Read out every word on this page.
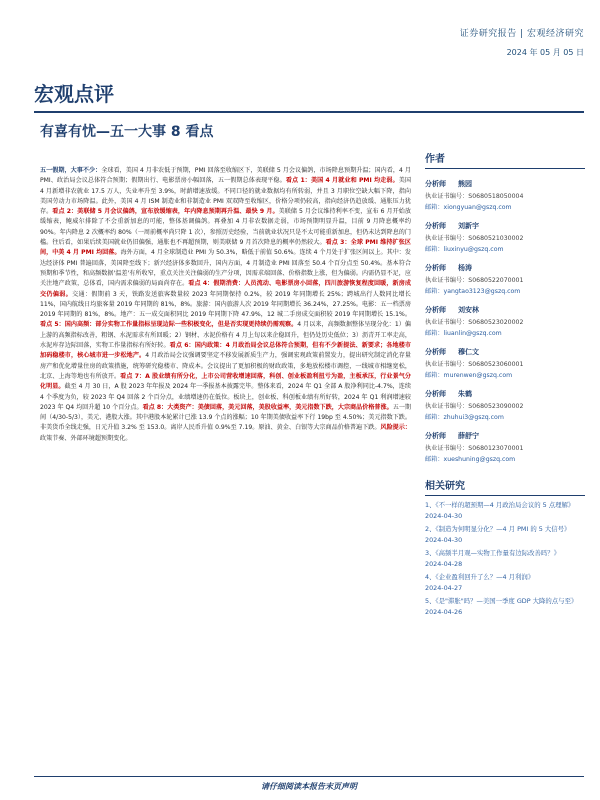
证券研究报告 | 宏观经济研究
2024 年 05 月 05 日
宏观点评
有喜有忧—五一大事 8 看点

五一假期，大事不少：全球看，美国 4 月非农低于预期，PMI 回落至收缩区下，美联储 5 月会议偏鸽，市场降息预期升温；国内看，4 月 PMI、政治局会议总体符合预期；假期出行、电影票房小幅回落，五一假期总体表现平稳。看点 1：美国 4 月就业和 PMI 均走弱。美国 4 月新增非农就业 17.5 万人，失业率升至 3.9%，时薪增速放缓。不同口径的就业数据均有所转弱，并且 3 月职位空缺大幅下降，指向美国劳动力市场降温。此外，美国 4 月 ISM 制造业和非制造业 PMI 双双降至收缩区，价格分项仍较高，指向经济仍趋放缓、通胀压力犹存。看点 2：美联储 5 月会议偏鸽，宣布放缓缩表，年内降息预期再升温、最快 9 月。美联储 5 月会议维持利率不变，宣布 6 月开始放缓缩表，鲍威尔排除了不会重新加息的可能，整体基调偏鸽。再叠加 4 月非农数据走弱，市场预期明显升温，目前 9 月降息概率约 90%。年内降息 2 次概率约 80%（一周前概率尚只降 1 次），参照历史经验，当前就业状况只是不太可能重新加息，但仍未达到降息的门槛。往后看，如果后续美国就业仍旧偏强，通胀也不再超预期，则美联储 9 月首次降息的概率仍然较大。看点 3：全球 PMI 维持扩张区间，中美 4 月 PMI 均回落。海外方面，4 月全球制造业 PMI 为 50.3%，略低于前值 50.6%。连续 4 个月处于扩张区间以上。其中：发达经济体 PMI 普遍回落，美国降至线下；新兴经济体多数回升，国内方面，4 月制造业 PMI 回落至 50.4 个百分点至 50.4%。基本符合预期和季节性，和高频数据'温差'有所收窄，重点关注关注偏弱的生产分项，因需求端回落、价格指数上涨，但为偏弱。内需仍显不足，应关注地产政策，总体看，国内需求偏弱的局面尚存在。看点 4：假期消费：人员流动、电影票房小回落，四川旅游恢复程度回暖，新房成交仍偏弱。交通：假期前 3 天，铁路发送旅客数量较 2023 年同期保持 0.2%，较 2019 年同期增长 25%；跨城出行人数同比增长 11%，国内航线日均旅客量 2019 年同期的 81%，8%。旅游：国内旅游人次 2019 年同期增长 36.24%，27.25%。电影：五一档票房 2019 年同期的 81%，8%。地产：五一成交面积同比 2019 年同期下降 47.9%，12 城二手房成交面积较 2019 年同期增长 15.1%。看点 5：国内高频：部分实物工作量指标呈现边际一些积极变化，但是否实现更持续仍需观察。4 月以来，高频数据整体呈现分化：1）偏上游的高频指标改善，粗钢、水泥需求有所回暖；2）钢材、水泥价格有 4 月上旬以来企稳回升，但仍处历史低位；3）沥青开工率走高，水泥库存边际回落，实物工作量指标有所好转。看点 6：国内政策：4 月政治局会议总体符合预期，但有不少新提法、新要求；各地楼市加码稳楼市，核心城市进一步松地产。4 月政治局会议强调要坚定不移发展新质生产力，强调宏观政策前置发力，提出研究制定消化存量房产和优化增量住房的政策措施，统筹研究稳楼市、降成本。会议提出了更加积极的财政政策，多地放松楼市调控，一线城市相继宽松，北京、上海等地也有所放开。看点 7：A 股业绩有所分化，上市公司营收增速回落，科创、创业板盈利扭亏为盈，主板承压，行业景气分化明显。截至 4 月 30 日，A 股 2023 年年报及 2024 年一季报基本披露完毕。整体来看，2024 年 Q1 全部 A 股净利同比-4.7%，连续 4 个季度为负，较 2023 年 Q4 回落 2 个百分点，业绩增速仍在低位。板块上，创业板、科创板业绩有所好转，2024 年 Q1 利润增速较 2023 年 Q4 均回升超 10 个百分点。看点 8：大类资产：美债回落，美元回落，美股收益率，美元指数下跌，大宗商品价格普涨。五一期间（4/30-5/3），美元、港股大涨。其中港股本轮累计已涨 13.9 个点的涨幅；10 年期美债收益率下行 19bp 至 4.50%；美元指数下跌。非美货币全线走强，日元升值 3.2% 至 153.0。离岸人民币升值 0.9%至 7.19。原油、黄金、白银等大宗商品价格普遍下跌。风险提示：政策节奏、外部环境超预期变化。

作者
分析师 熊园
执业证书编号：S0680518050004
邮箱：xiongyuan@gszq.com
分析师 刘新宇
执业证书编号：S0680521030002
邮箱：liuxinyu@gszq.com
分析师 杨涛
执业证书编号：S0680522070001
邮箱：yangtao3123@gszq.com
分析师 刘安林
执业证书编号：S0680523020002
邮箱：liuanlin@gszq.com
分析师 穆仁文
执业证书编号：S0680523060001
邮箱：murenwen@gszq.com
分析师 朱鹤
执业证书编号：S0680523090002
邮箱：zhuhui3@gszq.com
分析师 薛舒宁
执业证书编号：S0680123070001
邮箱：xueshuning@gszq.com
相关研究
1、《不一样的超预期—4 月政治局会议的 5 点理解》
2024-04-30
2、《制造为何明显分化？—4 月 PMI 的 5 大信号》
2024-04-30
3、《高频半月观—实物工作量有边际改善吗？》
2024-04-28
4、《企业盈利回升了么？—4 月利润》
2024-04-27
5、《是"滞胀"吗？—美国一季度 GDP 大降的点与至》
2024-04-26
请仔细阅读本报告末页声明
